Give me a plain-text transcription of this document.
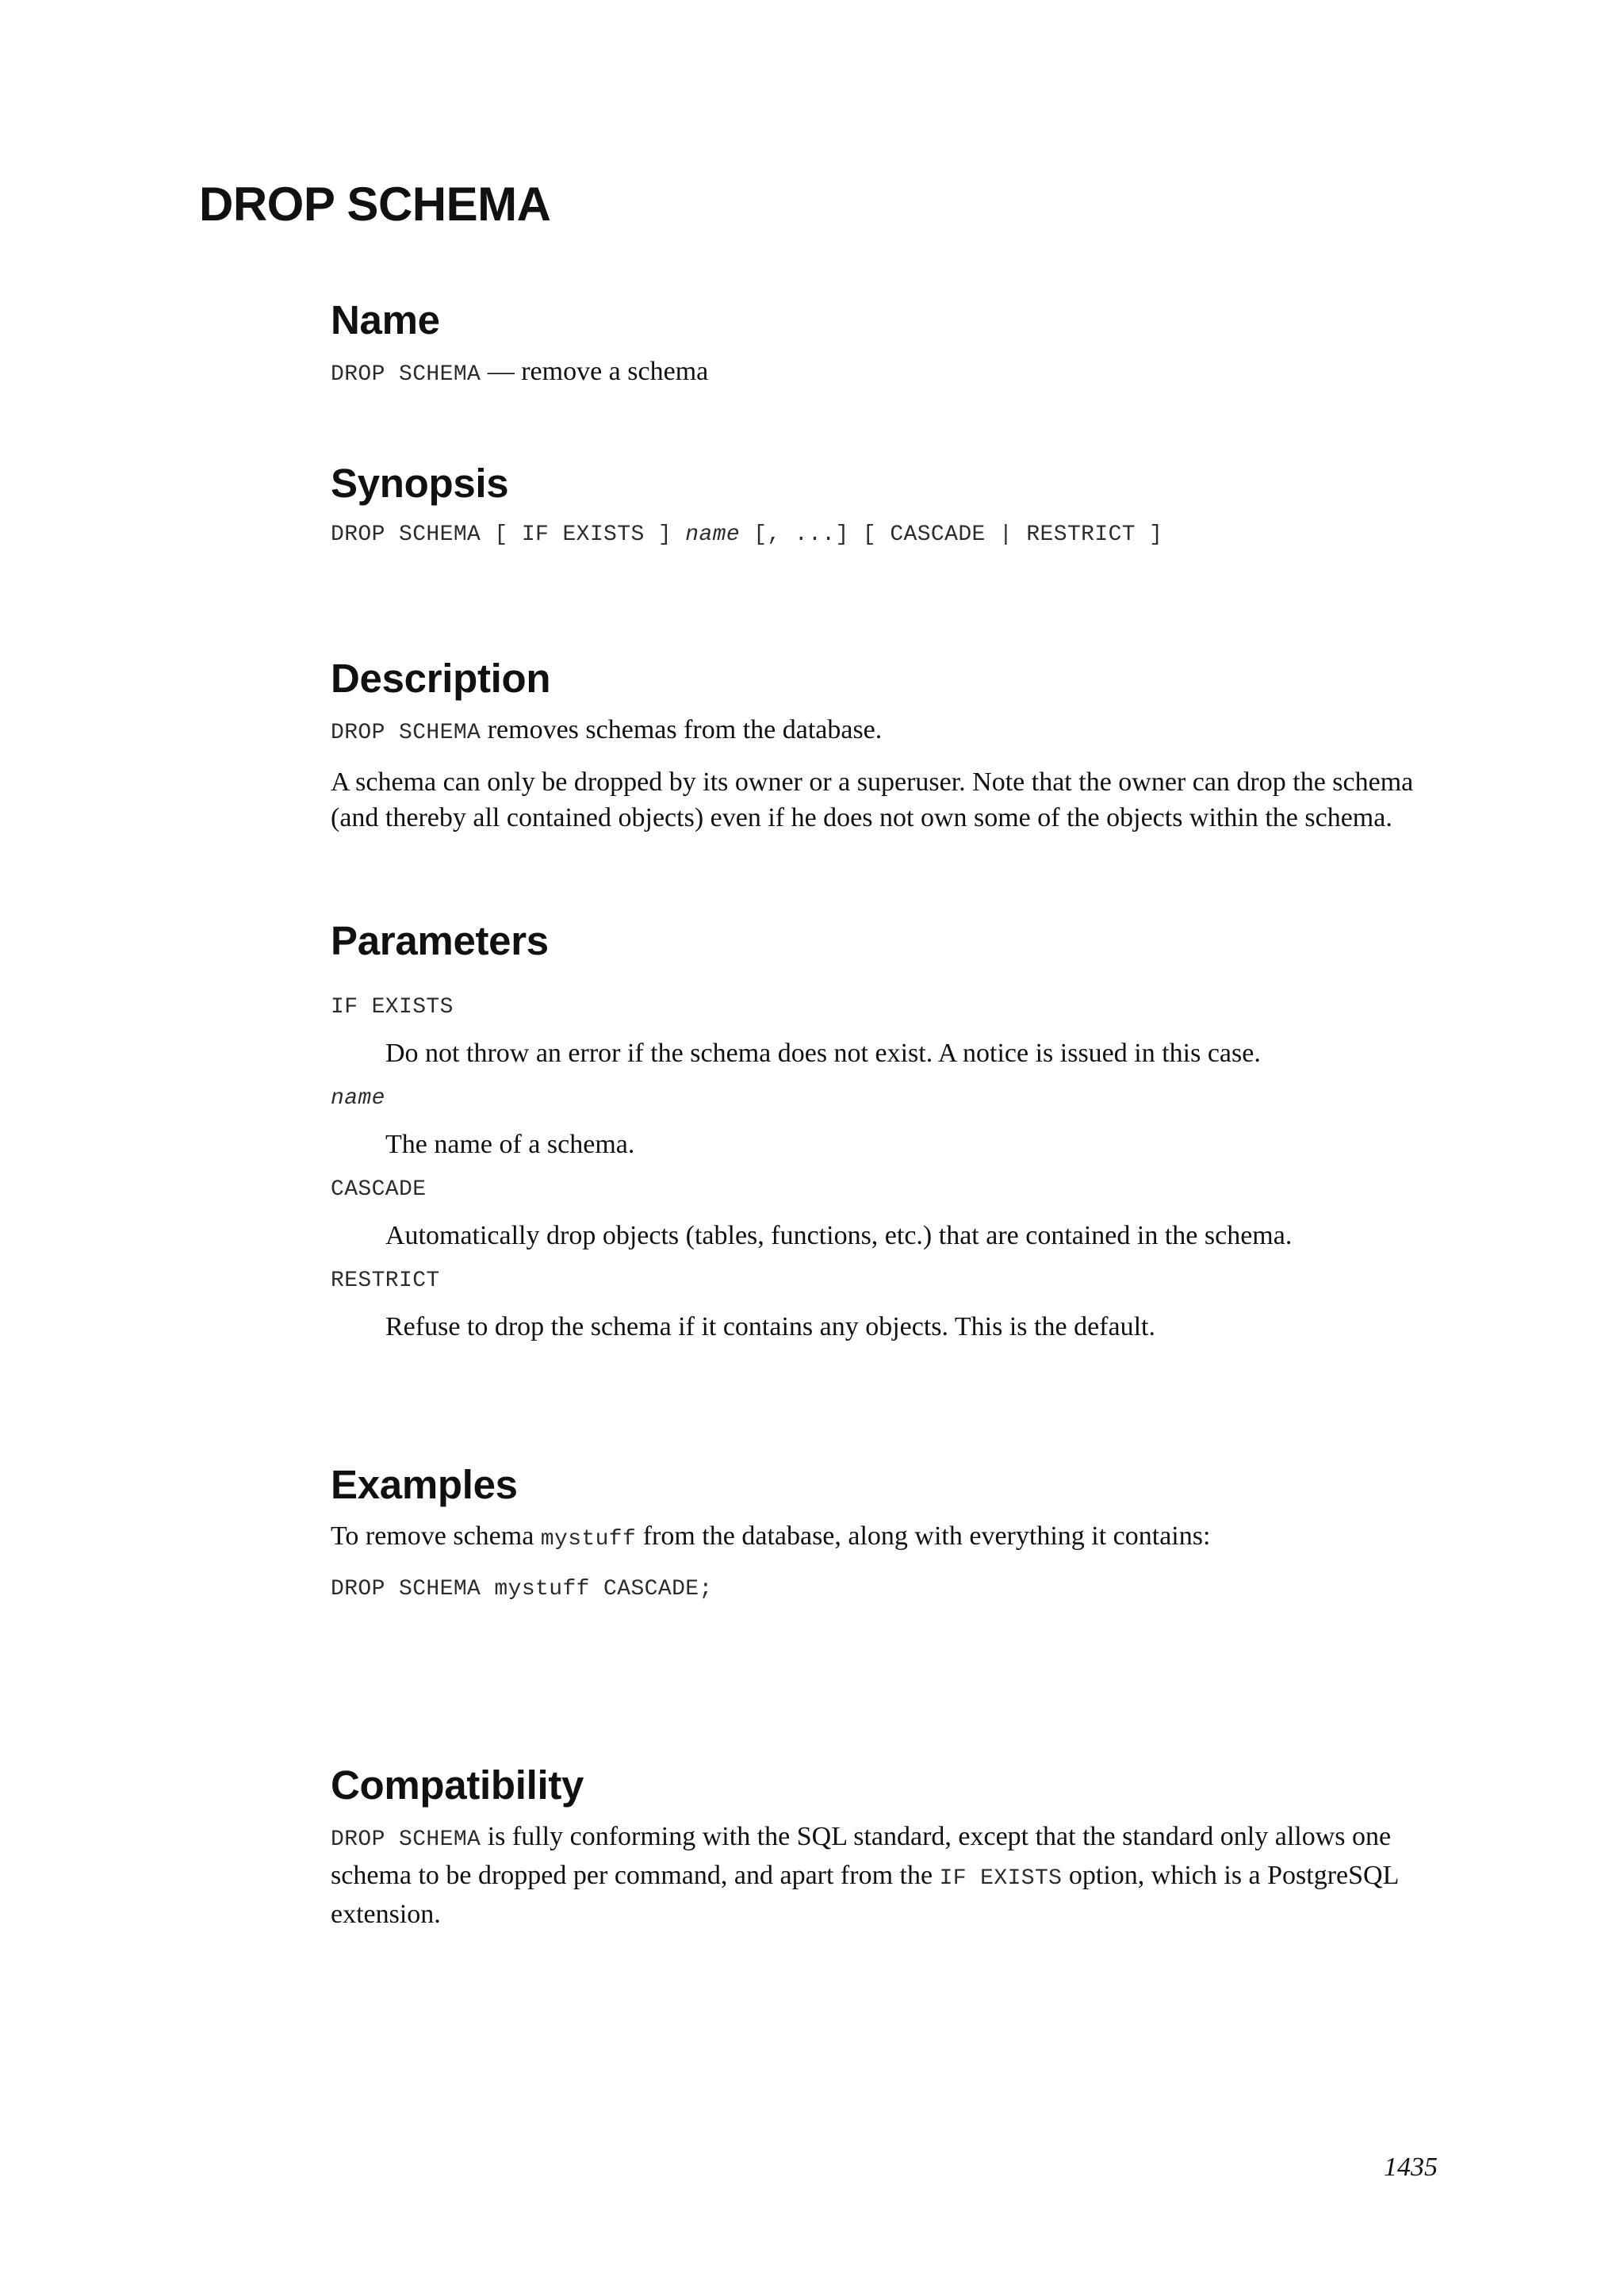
DROP SCHEMA
Name

DROP SCHEMA — remove a schema

Synopsis

DROP SCHEMA [ IF EXISTS ] name [, ...] [ CASCADE | RESTRICT ]

Description

DROP SCHEMA removes schemas from the database.

A schema can only be dropped by its owner or a superuser. Note that the owner can drop the schema (and thereby all contained objects) even if he does not own some of the objects within the schema.

Parameters

IF EXISTS

Do not throw an error if the schema does not exist. A notice is issued in this case.

name

The name of a schema.

CASCADE

Automatically drop objects (tables, functions, etc.) that are contained in the schema.

RESTRICT

Refuse to drop the schema if it contains any objects. This is the default.

Examples

To remove schema mystuff from the database, along with everything it contains:

DROP SCHEMA mystuff CASCADE;

Compatibility

DROP SCHEMA is fully conforming with the SQL standard, except that the standard only allows one schema to be dropped per command, and apart from the IF EXISTS option, which is a PostgreSQL extension.

1435
